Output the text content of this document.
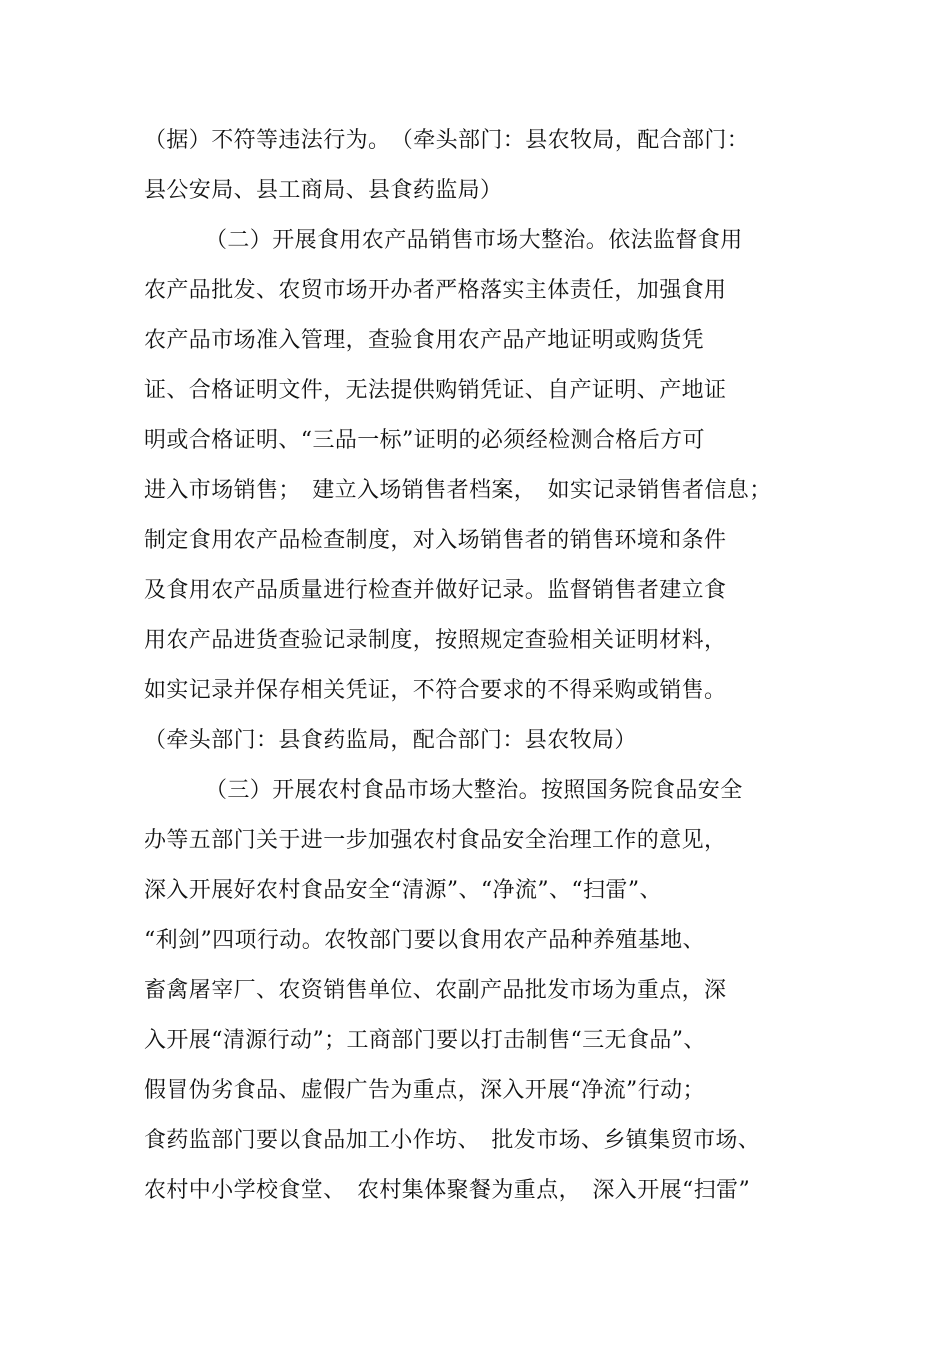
（据）不符等违法行为。　（牵头部门：县农牧局，配合部门：
县公安局、县工商局、县食药监局）
（二）开展食用农产品销售市场大整治。依法监督食用
农产品批发、农贸市场开办者严格落实主体责任，加强食用
农产品市场准入管理，查验食用农产品产地证明或购货凭
证、合格证明文件，无法提供购销凭证、自产证明、产地证
明或合格证明、“三品一标”证明的必须经检测合格后方可
进入市场销售；　建立入场销售者档案，　如实记录销售者信息；
制定食用农产品检查制度，对入场销售者的销售环境和条件
及食用农产品质量进行检查并做好记录。监督销售者建立食
用农产品进货查验记录制度，按照规定查验相关证明材料，
如实记录并保存相关凭证，不符合要求的不得采购或销售。
（牵头部门：县食药监局，配合部门：县农牧局）
（三）开展农村食品市场大整治。按照国务院食品安全
办等五部门关于进一步加强农村食品安全治理工作的意见，
深入开展好农村食品安全“清源”、“净流”、“扫雷”、
“利剑”四项行动。农牧部门要以食用农产品种养殖基地、
畜禽屠宰厂、农资销售单位、农副产品批发市场为重点，深
入开展“清源行动”；工商部门要以打击制售“三无食品”、
假冒伪劣食品、虚假广告为重点，深入开展“净流”行动；
食药监部门要以食品加工小作坊、　批发市场、乡镇集贸市场、
农村中小学校食堂、　农村集体聚餐为重点，　深入开展“扫雷”
